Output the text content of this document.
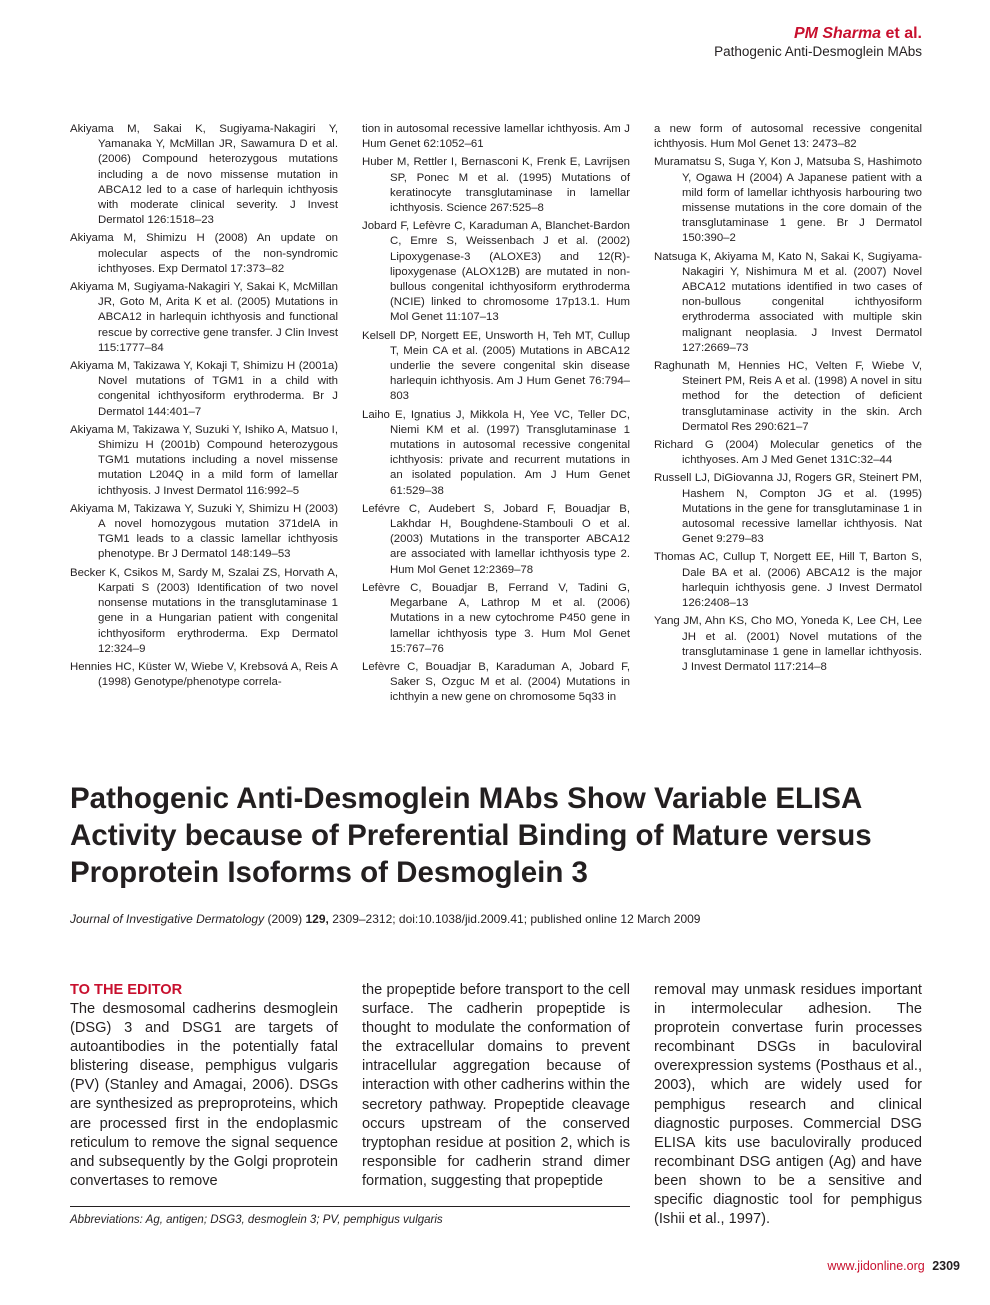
PM Sharma et al.
Pathogenic Anti-Desmoglein MAbs

Akiyama M, Sakai K, Sugiyama-Nakagiri Y, Yamanaka Y, McMillan JR, Sawamura D et al. (2006) Compound heterozygous mutations including a de novo missense mutation in ABCA12 led to a case of harlequin ichthyosis with moderate clinical severity. J Invest Dermatol 126:1518–23

Akiyama M, Shimizu H (2008) An update on molecular aspects of the non-syndromic ichthyoses. Exp Dermatol 17:373–82

Akiyama M, Sugiyama-Nakagiri Y, Sakai K, McMillan JR, Goto M, Arita K et al. (2005) Mutations in ABCA12 in harlequin ichthyosis and functional rescue by corrective gene transfer. J Clin Invest 115:1777–84

Akiyama M, Takizawa Y, Kokaji T, Shimizu H (2001a) Novel mutations of TGM1 in a child with congenital ichthyosiform erythroderma. Br J Dermatol 144:401–7

Akiyama M, Takizawa Y, Suzuki Y, Ishiko A, Matsuo I, Shimizu H (2001b) Compound heterozygous TGM1 mutations including a novel missense mutation L204Q in a mild form of lamellar ichthyosis. J Invest Dermatol 116:992–5

Akiyama M, Takizawa Y, Suzuki Y, Shimizu H (2003) A novel homozygous mutation 371delA in TGM1 leads to a classic lamellar ichthyosis phenotype. Br J Dermatol 148:149–53

Becker K, Csikos M, Sardy M, Szalai ZS, Horvath A, Karpati S (2003) Identification of two novel nonsense mutations in the transglutaminase 1 gene in a Hungarian patient with congenital ichthyosiform erythroderma. Exp Dermatol 12:324–9

Hennies HC, Küster W, Wiebe V, Krebsová A, Reis A (1998) Genotype/phenotype correla-

tion in autosomal recessive lamellar ichthyosis. Am J Hum Genet 62:1052–61

Huber M, Rettler I, Bernasconi K, Frenk E, Lavrijsen SP, Ponec M et al. (1995) Mutations of keratinocyte transglutaminase in lamellar ichthyosis. Science 267:525–8

Jobard F, Lefèvre C, Karaduman A, Blanchet-Bardon C, Emre S, Weissenbach J et al. (2002) Lipoxygenase-3 (ALOXE3) and 12(R)-lipoxygenase (ALOX12B) are mutated in non-bullous congenital ichthyosiform erythroderma (NCIE) linked to chromosome 17p13.1. Hum Mol Genet 11:107–13

Kelsell DP, Norgett EE, Unsworth H, Teh MT, Cullup T, Mein CA et al. (2005) Mutations in ABCA12 underlie the severe congenital skin disease harlequin ichthyosis. Am J Hum Genet 76:794–803

Laiho E, Ignatius J, Mikkola H, Yee VC, Teller DC, Niemi KM et al. (1997) Transglutaminase 1 mutations in autosomal recessive congenital ichthyosis: private and recurrent mutations in an isolated population. Am J Hum Genet 61:529–38

Lefévre C, Audebert S, Jobard F, Bouadjar B, Lakhdar H, Boughdene-Stambouli O et al. (2003) Mutations in the transporter ABCA12 are associated with lamellar ichthyosis type 2. Hum Mol Genet 12:2369–78

Lefèvre C, Bouadjar B, Ferrand V, Tadini G, Megarbane A, Lathrop M et al. (2006) Mutations in a new cytochrome P450 gene in lamellar ichthyosis type 3. Hum Mol Genet 15:767–76

Lefèvre C, Bouadjar B, Karaduman A, Jobard F, Saker S, Ozguc M et al. (2004) Mutations in ichthyin a new gene on chromosome 5q33 in

a new form of autosomal recessive congenital ichthyosis. Hum Mol Genet 13: 2473–82

Muramatsu S, Suga Y, Kon J, Matsuba S, Hashimoto Y, Ogawa H (2004) A Japanese patient with a mild form of lamellar ichthyosis harbouring two missense mutations in the core domain of the transglutaminase 1 gene. Br J Dermatol 150:390–2

Natsuga K, Akiyama M, Kato N, Sakai K, Sugiyama-Nakagiri Y, Nishimura M et al. (2007) Novel ABCA12 mutations identified in two cases of non-bullous congenital ichthyosiform erythroderma associated with multiple skin malignant neoplasia. J Invest Dermatol 127:2669–73

Raghunath M, Hennies HC, Velten F, Wiebe V, Steinert PM, Reis A et al. (1998) A novel in situ method for the detection of deficient transglutaminase activity in the skin. Arch Dermatol Res 290:621–7

Richard G (2004) Molecular genetics of the ichthyoses. Am J Med Genet 131C:32–44

Russell LJ, DiGiovanna JJ, Rogers GR, Steinert PM, Hashem N, Compton JG et al. (1995) Mutations in the gene for transglutaminase 1 in autosomal recessive lamellar ichthyosis. Nat Genet 9:279–83

Thomas AC, Cullup T, Norgett EE, Hill T, Barton S, Dale BA et al. (2006) ABCA12 is the major harlequin ichthyosis gene. J Invest Dermatol 126:2408–13

Yang JM, Ahn KS, Cho MO, Yoneda K, Lee CH, Lee JH et al. (2001) Novel mutations of the transglutaminase 1 gene in lamellar ichthyosis. J Invest Dermatol 117:214–8

Pathogenic Anti-Desmoglein MAbs Show Variable ELISA Activity because of Preferential Binding of Mature versus Proprotein Isoforms of Desmoglein 3
Journal of Investigative Dermatology (2009) 129, 2309–2312; doi:10.1038/jid.2009.41; published online 12 March 2009
TO THE EDITOR
The desmosomal cadherins desmoglein (DSG) 3 and DSG1 are targets of autoantibodies in the potentially fatal blistering disease, pemphigus vulgaris (PV) (Stanley and Amagai, 2006). DSGs are synthesized as preproproteins, which are processed first in the endoplasmic reticulum to remove the signal sequence and subsequently by the Golgi proprotein convertases to remove
the propeptide before transport to the cell surface. The cadherin propeptide is thought to modulate the conformation of the extracellular domains to prevent intracellular aggregation because of interaction with other cadherins within the secretory pathway. Propeptide cleavage occurs upstream of the conserved tryptophan residue at position 2, which is responsible for cadherin strand dimer formation, suggesting that propeptide
removal may unmask residues important in intermolecular adhesion. The proprotein convertase furin processes recombinant DSGs in baculoviral overexpression systems (Posthaus et al., 2003), which are widely used for pemphigus research and clinical diagnostic purposes. Commercial DSG ELISA kits use baculovirally produced recombinant DSG antigen (Ag) and have been shown to be a sensitive and specific diagnostic tool for pemphigus (Ishii et al., 1997).
Abbreviations: Ag, antigen; DSG3, desmoglein 3; PV, pemphigus vulgaris
www.jidonline.org 2309
